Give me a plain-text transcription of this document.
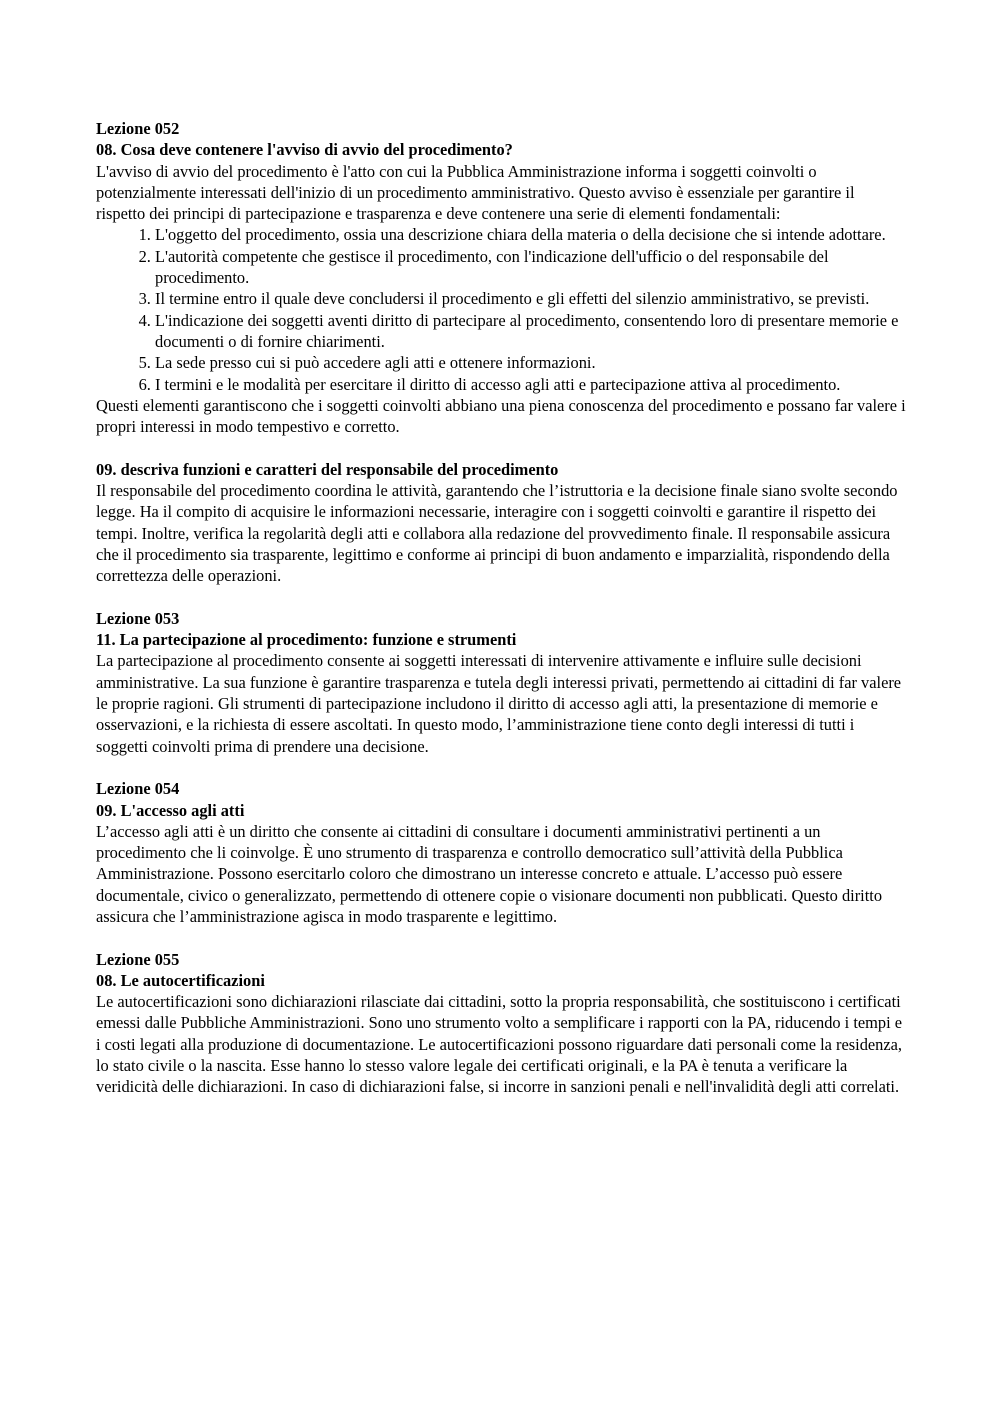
Lezione 052

08. Cosa deve contenere l'avviso di avvio del procedimento?

L'avviso di avvio del procedimento è l'atto con cui la Pubblica Amministrazione informa i soggetti coinvolti o potenzialmente interessati dell'inizio di un procedimento amministrativo. Questo avviso è essenziale per garantire il rispetto dei principi di partecipazione e trasparenza e deve contenere una serie di elementi fondamentali:

1. L'oggetto del procedimento, ossia una descrizione chiara della materia o della decisione che si intende adottare.
2. L'autorità competente che gestisce il procedimento, con l'indicazione dell'ufficio o del responsabile del procedimento.
3. Il termine entro il quale deve concludersi il procedimento e gli effetti del silenzio amministrativo, se previsti.
4. L'indicazione dei soggetti aventi diritto di partecipare al procedimento, consentendo loro di presentare memorie e documenti o di fornire chiarimenti.
5. La sede presso cui si può accedere agli atti e ottenere informazioni.
6. I termini e le modalità per esercitare il diritto di accesso agli atti e partecipazione attiva al procedimento.

Questi elementi garantiscono che i soggetti coinvolti abbiano una piena conoscenza del procedimento e possano far valere i propri interessi in modo tempestivo e corretto.

09. descriva funzioni e caratteri del responsabile del procedimento

Il responsabile del procedimento coordina le attività, garantendo che l’istruttoria e la decisione finale siano svolte secondo legge. Ha il compito di acquisire le informazioni necessarie, interagire con i soggetti coinvolti e garantire il rispetto dei tempi. Inoltre, verifica la regolarità degli atti e collabora alla redazione del provvedimento finale. Il responsabile assicura che il procedimento sia trasparente, legittimo e conforme ai principi di buon andamento e imparzialità, rispondendo della correttezza delle operazioni.

Lezione 053

11. La partecipazione al procedimento: funzione e strumenti

La partecipazione al procedimento consente ai soggetti interessati di intervenire attivamente e influire sulle decisioni amministrative. La sua funzione è garantire trasparenza e tutela degli interessi privati, permettendo ai cittadini di far valere le proprie ragioni. Gli strumenti di partecipazione includono il diritto di accesso agli atti, la presentazione di memorie e osservazioni, e la richiesta di essere ascoltati. In questo modo, l’amministrazione tiene conto degli interessi di tutti i soggetti coinvolti prima di prendere una decisione.

Lezione 054

09. L'accesso agli atti

L’accesso agli atti è un diritto che consente ai cittadini di consultare i documenti amministrativi pertinenti a un procedimento che li coinvolge. È uno strumento di trasparenza e controllo democratico sull’attività della Pubblica Amministrazione. Possono esercitarlo coloro che dimostrano un interesse concreto e attuale. L’accesso può essere documentale, civico o generalizzato, permettendo di ottenere copie o visionare documenti non pubblicati. Questo diritto assicura che l’amministrazione agisca in modo trasparente e legittimo.

Lezione 055

08. Le autocertificazioni

Le autocertificazioni sono dichiarazioni rilasciate dai cittadini, sotto la propria responsabilità, che sostituiscono i certificati emessi dalle Pubbliche Amministrazioni. Sono uno strumento volto a semplificare i rapporti con la PA, riducendo i tempi e i costi legati alla produzione di documentazione. Le autocertificazioni possono riguardare dati personali come la residenza, lo stato civile o la nascita. Esse hanno lo stesso valore legale dei certificati originali, e la PA è tenuta a verificare la veridicità delle dichiarazioni. In caso di dichiarazioni false, si incorre in sanzioni penali e nell'invalidità degli atti correlati.
